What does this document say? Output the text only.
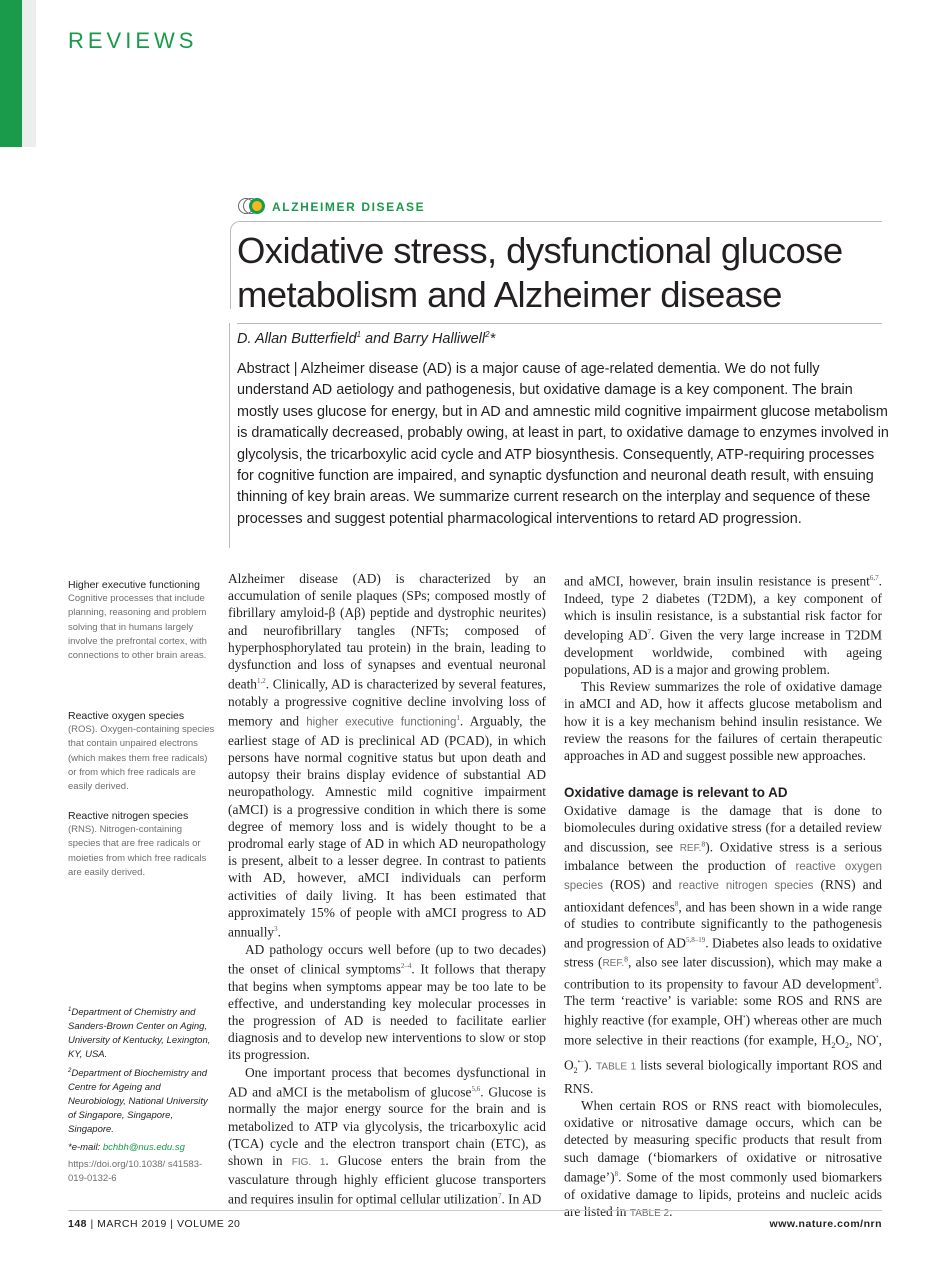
REVIEWS
ALZHEIMER DISEASE
Oxidative stress, dysfunctional glucose metabolism and Alzheimer disease
D. Allan Butterfield$^1$ and Barry Halliwell$^2$*
Abstract | Alzheimer disease (AD) is a major cause of age-related dementia. We do not fully understand AD aetiology and pathogenesis, but oxidative damage is a key component. The brain mostly uses glucose for energy, but in AD and amnestic mild cognitive impairment glucose metabolism is dramatically decreased, probably owing, at least in part, to oxidative damage to enzymes involved in glycolysis, the tricarboxylic acid cycle and ATP biosynthesis. Consequently, ATP-requiring processes for cognitive function are impaired, and synaptic dysfunction and neuronal death result, with ensuing thinning of key brain areas. We summarize current research on the interplay and sequence of these processes and suggest potential pharmacological interventions to retard AD progression.
Higher executive functioning
Cognitive processes that include planning, reasoning and problem solving that in humans largely involve the prefrontal cortex, with connections to other brain areas.
Reactive oxygen species
(ROS). Oxygen-containing species that contain unpaired electrons (which makes them free radicals) or from which free radicals are easily derived.
Reactive nitrogen species
(RNS). Nitrogen-containing species that are free radicals or moieties from which free radicals are easily derived.
$^1$Department of Chemistry and Sanders-Brown Center on Aging, University of Kentucky, Lexington, KY, USA.
$^2$Department of Biochemistry and Centre for Ageing and Neurobiology, National University of Singapore, Singapore, Singapore.
*e-mail: bchbh@nus.edu.sg
https://doi.org/10.1038/ s41583-019-0132-6

Alzheimer disease (AD) is characterized by an accumulation of senile plaques (SPs; composed mostly of fibrillary amyloid-β (Aβ) peptide and dystrophic neurites) and neurofibrillary tangles (NFTs; composed of hyperphosphorylated tau protein) in the brain, leading to dysfunction and loss of synapses and eventual neuronal death$^{1,2}$. Clinically, AD is characterized by several features, notably a progressive cognitive decline involving loss of memory and higher executive functioning$^1$. Arguably, the earliest stage of AD is preclinical AD (PCAD), in which persons have normal cognitive status but upon death and autopsy their brains display evidence of substantial AD neuropathology. Amnestic mild cognitive impairment (aMCI) is a progressive condition in which there is some degree of memory loss and is widely thought to be a prodromal early stage of AD in which AD neuropathology is present, albeit to a lesser degree. In contrast to patients with AD, however, aMCI individuals can perform activities of daily living. It has been estimated that approximately 15% of people with aMCI progress to AD annually$^3$.

AD pathology occurs well before (up to two decades) the onset of clinical symptoms$^{2-4}$. It follows that therapy that begins when symptoms appear may be too late to be effective, and understanding key molecular processes in the progression of AD is needed to facilitate earlier diagnosis and to develop new interventions to slow or stop its progression.

One important process that becomes dysfunctional in AD and aMCI is the metabolism of glucose$^{5,6}$. Glucose is normally the major energy source for the brain and is metabolized to ATP via glycolysis, the tricarboxylic acid (TCA) cycle and the electron transport chain (ETC), as shown in FIG. 1. Glucose enters the brain from the vasculature through highly efficient glucose transporters and requires insulin for optimal cellular utilization$^7$. In AD

and aMCI, however, brain insulin resistance is present$^{6,7}$. Indeed, type 2 diabetes (T2DM), a key component of which is insulin resistance, is a substantial risk factor for developing $AD^7$. Given the very large increase in T2DM development worldwide, combined with ageing populations, AD is a major and growing problem.

This Review summarizes the role of oxidative damage in aMCI and AD, how it affects glucose metabolism and how it is a key mechanism behind insulin resistance. We review the reasons for the failures of certain therapeutic approaches in AD and suggest possible new approaches.

Oxidative damage is relevant to AD

Oxidative damage is the damage that is done to biomolecules during oxidative stress (for a detailed review and discussion, see REF.$^8$). Oxidative stress is a serious imbalance between the production of reactive oxygen species (ROS) and reactive nitrogen species (RNS) and antioxidant defences$^8$, and has been shown in a wide range of studies to contribute significantly to the pathogenesis and progression of AD$^{5,8-19}$. Diabetes also leads to oxidative stress (REF.$^8$, also see later discussion), which may make a contribution to its propensity to favour AD development$^9$. The term ‘reactive’ is variable: some ROS and RNS are highly reactive (for example, OH•) whereas other are much more selective in their reactions (for example, $H_2O_2$, NO•, $O_2^{•-}$). TABLE 1 lists several biologically important ROS and RNS.

When certain ROS or RNS react with biomolecules, oxidative or nitrosative damage occurs, which can be detected by measuring specific products that result from such damage (‘biomarkers of oxidative or nitrosative damage’)$^8$. Some of the most commonly used biomarkers of oxidative damage to lipids, proteins and nucleic acids are listed in TABLE 2.

148 | MARCH 2019 | VOLUME 20	www.nature.com/nrn
